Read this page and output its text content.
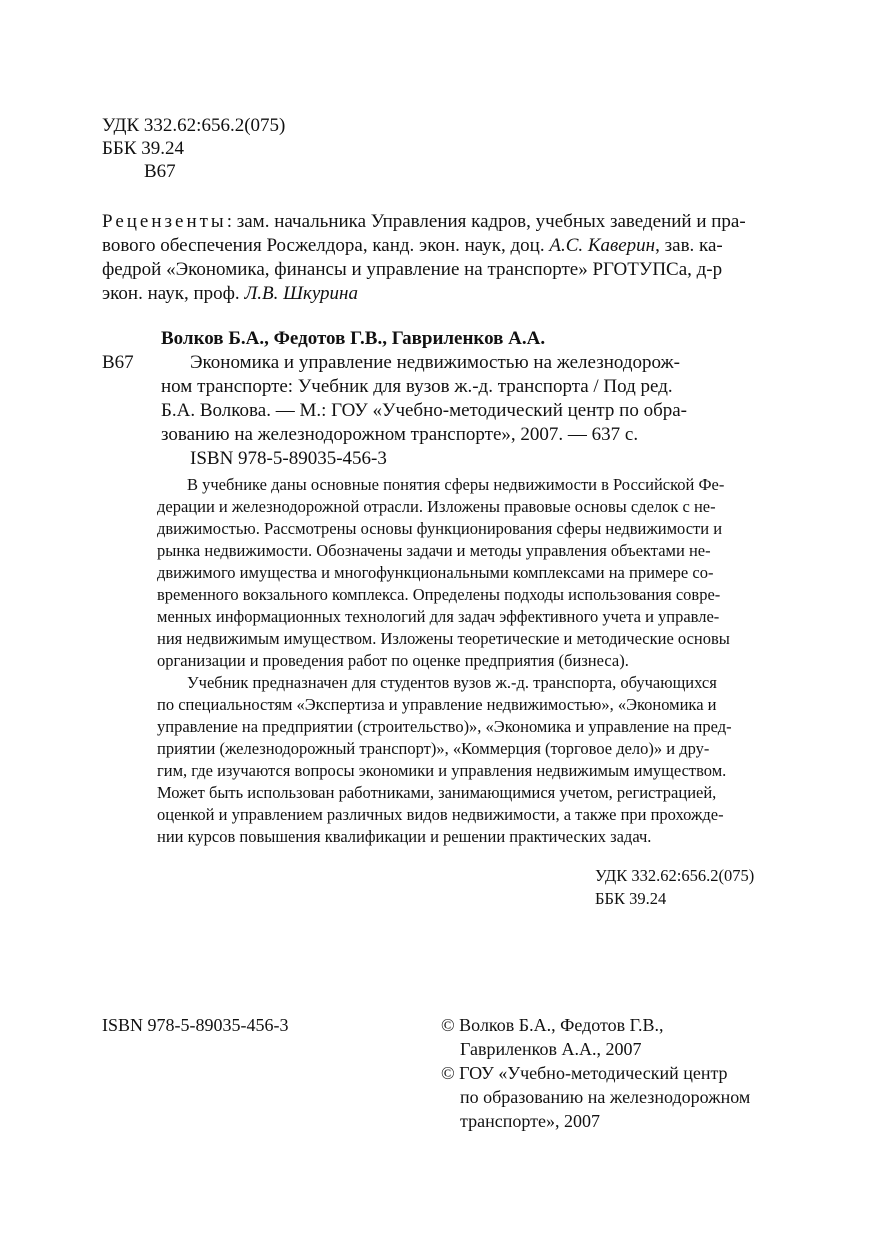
УДК 332.62:656.2(075)
ББК 39.24
В67
Рецензенты: зам. начальника Управления кадров, учебных заведений и пра-
вового обеспечения Росжелдора, канд. экон. наук, доц. А.С. Каверин, зав. ка-
федрой «Экономика, финансы и управление на транспорте» РГОТУПСа, д-р
экон. наук, проф. Л.В. Шкурина
Волков Б.А., Федотов Г.В., Гавриленков А.А.
В67	Экономика и управление недвижимостью на железнодорож-
ном транспорте: Учебник для вузов ж.-д. транспорта / Под ред.
Б.А. Волкова. — М.: ГОУ «Учебно-методический центр по обра-
зованию на железнодорожном транспорте», 2007. — 637 с.
ISBN 978-5-89035-456-3
В учебнике даны основные понятия сферы недвижимости в Российской Фе-
дерации и железнодорожной отрасли. Изложены правовые основы сделок с не-
движимостью. Рассмотрены основы функционирования сферы недвижимости и
рынка недвижимости. Обозначены задачи и методы управления объектами не-
движимого имущества и многофункциональными комплексами на примере со-
временного вокзального комплекса. Определены подходы использования совре-
менных информационных технологий для задач эффективного учета и управле-
ния недвижимым имуществом. Изложены теоретические и методические основы
организации и проведения работ по оценке предприятия (бизнеса).
Учебник предназначен для студентов вузов ж.-д. транспорта, обучающихся
по специальностям «Экспертиза и управление недвижимостью», «Экономика и
управление на предприятии (строительство)», «Экономика и управление на пред-
приятии (железнодорожный транспорт)», «Коммерция (торговое дело)» и дру-
гим, где изучаются вопросы экономики и управления недвижимым имуществом.
Может быть использован работниками, занимающимися учетом, регистрацией,
оценкой и управлением различных видов недвижимости, а также при прохожде-
нии курсов повышения квалификации и решении практических задач.
УДК 332.62:656.2(075)
ББК 39.24
ISBN 978-5-89035-456-3	© Волков Б.А., Федотов Г.В.,
Гавриленков А.А., 2007
© ГОУ «Учебно-методический центр
по образованию на железнодорожном
транспорте», 2007
